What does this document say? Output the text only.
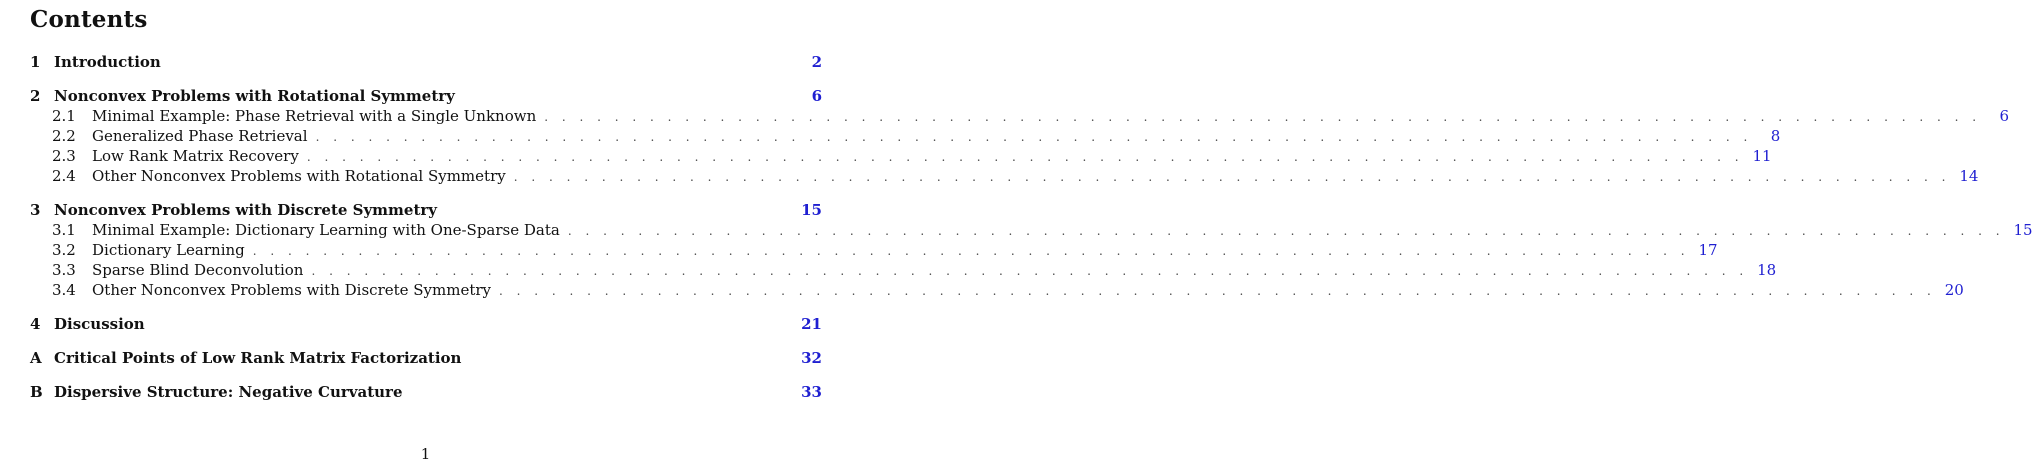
Contents
1 Introduction	2
2 Nonconvex Problems with Rotational Symmetry	6
2.1	Minimal Example: Phase Retrieval with a Single Unknown . . . . . . . . . . . . . . . . . . . . . . . . . . . . . . . . . . . . . . . . . . . . . . . . . . . . . . . . . . . . . . . . . . . . . . . . . . . . . . . . . .	6
2.2	Generalized Phase Retrieval . . . . . . . . . . . . . . . . . . . . . . . . . . . . . . . . . . . . . . . . . . . . . . . . . . . . . . . . . . . . . . . . . . . . . . . . . . . . . . . . . .	8
2.3	Low Rank Matrix Recovery . . . . . . . . . . . . . . . . . . . . . . . . . . . . . . . . . . . . . . . . . . . . . . . . . . . . . . . . . . . . . . . . . . . . . . . . . . . . . . . . . . 11
2.4	Other Nonconvex Problems with Rotational Symmetry . . . . . . . . . . . . . . . . . . . . . . . . . . . . . . . . . . . . . . . . . . . . . . . . . . . . . . . . . . . . . . . . . . . . . . . . . . . . . . . . . . 14
3 Nonconvex Problems with Discrete Symmetry	15
3.1	Minimal Example: Dictionary Learning with One-Sparse Data . . . . . . . . . . . . . . . . . . . . . . . . . . . . . . . . . . . . . . . . . . . . . . . . . . . . . . . . . . . . . . . . . . . . . . . . . . . . . . . . . . 15
3.2	Dictionary Learning . . . . . . . . . . . . . . . . . . . . . . . . . . . . . . . . . . . . . . . . . . . . . . . . . . . . . . . . . . . . . . . . . . . . . . . . . . . . . . . . . . 17
3.3	Sparse Blind Deconvolution . . . . . . . . . . . . . . . . . . . . . . . . . . . . . . . . . . . . . . . . . . . . . . . . . . . . . . . . . . . . . . . . . . . . . . . . . . . . . . . . . . 18
3.4	Other Nonconvex Problems with Discrete Symmetry . . . . . . . . . . . . . . . . . . . . . . . . . . . . . . . . . . . . . . . . . . . . . . . . . . . . . . . . . . . . . . . . . . . . . . . . . . . . . . . . . . 20
4 Discussion	21
A Critical Points of Low Rank Matrix Factorization	32
B Dispersive Structure: Negative Curvature	33
1
